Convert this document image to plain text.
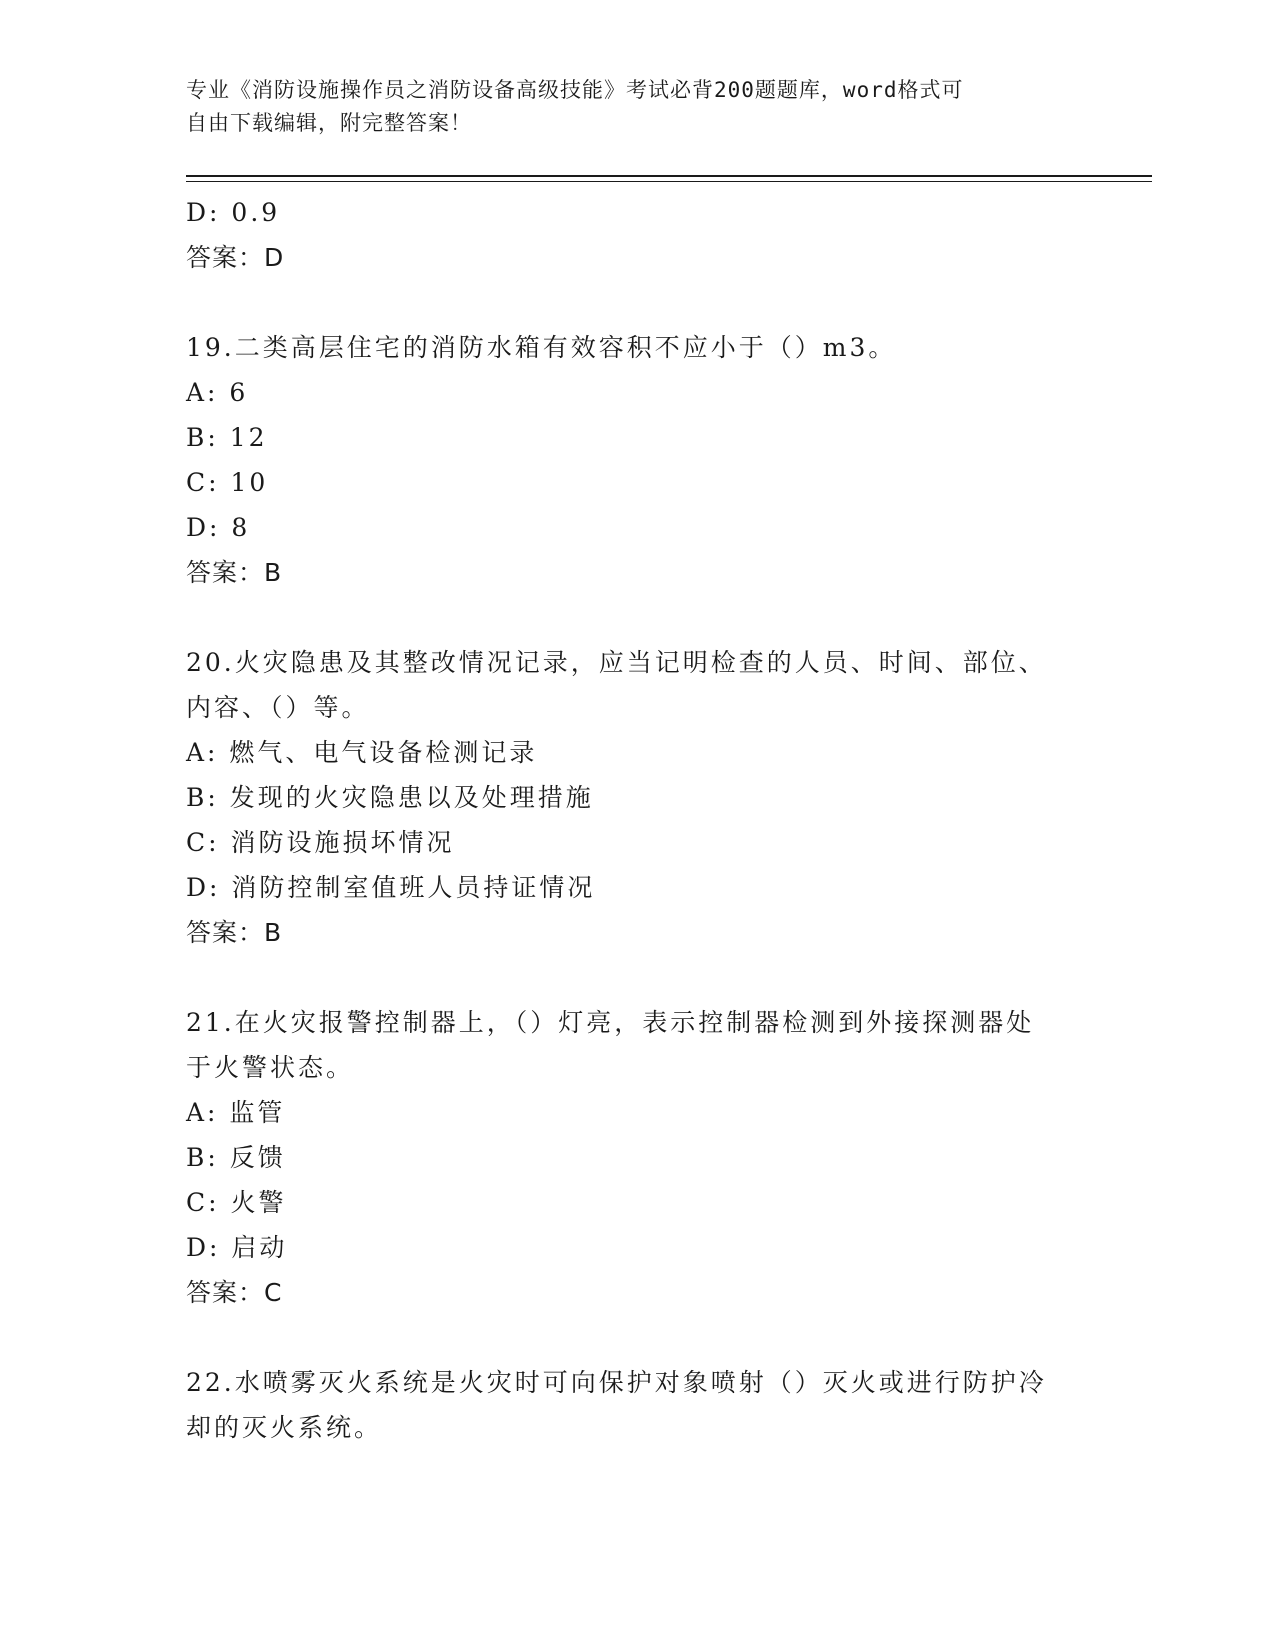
专业《消防设施操作员之消防设备高级技能》考试必背200题题库，word格式可
自由下载编辑，附完整答案！
D: 0.9
答案：D
19.二类高层住宅的消防水箱有效容积不应小于（）m3。
A: 6
B: 12
C: 10
D: 8
答案：B
20.火灾隐患及其整改情况记录，应当记明检查的人员、时间、部位、
内容、（）等。
A: 燃气、电气设备检测记录
B: 发现的火灾隐患以及处理措施
C: 消防设施损坏情况
D: 消防控制室值班人员持证情况
答案：B
21.在火灾报警控制器上，（）灯亮，表示控制器检测到外接探测器处
于火警状态。
A: 监管
B: 反馈
C: 火警
D: 启动
答案：C
22.水喷雾灭火系统是火灾时可向保护对象喷射（）灭火或进行防护冷
却的灭火系统。
